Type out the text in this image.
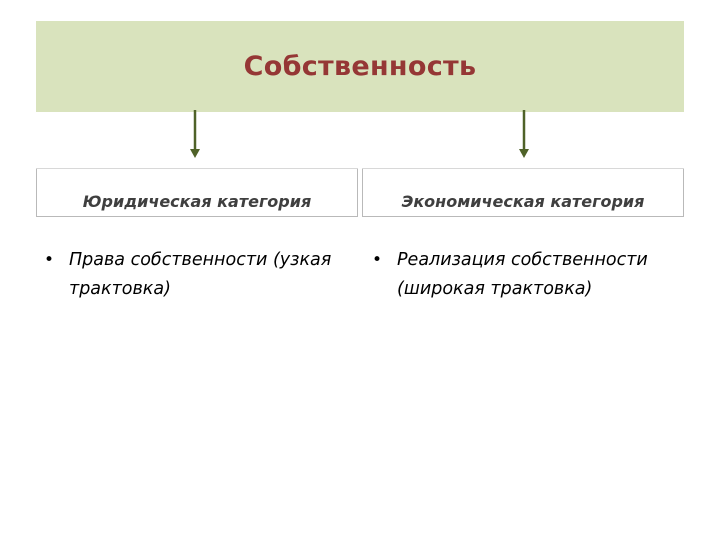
Собственность
Юридическая категория	Экономическая категория
• Права собственности (узкая трактовка)
• Реализация собственности (широкая трактовка)
